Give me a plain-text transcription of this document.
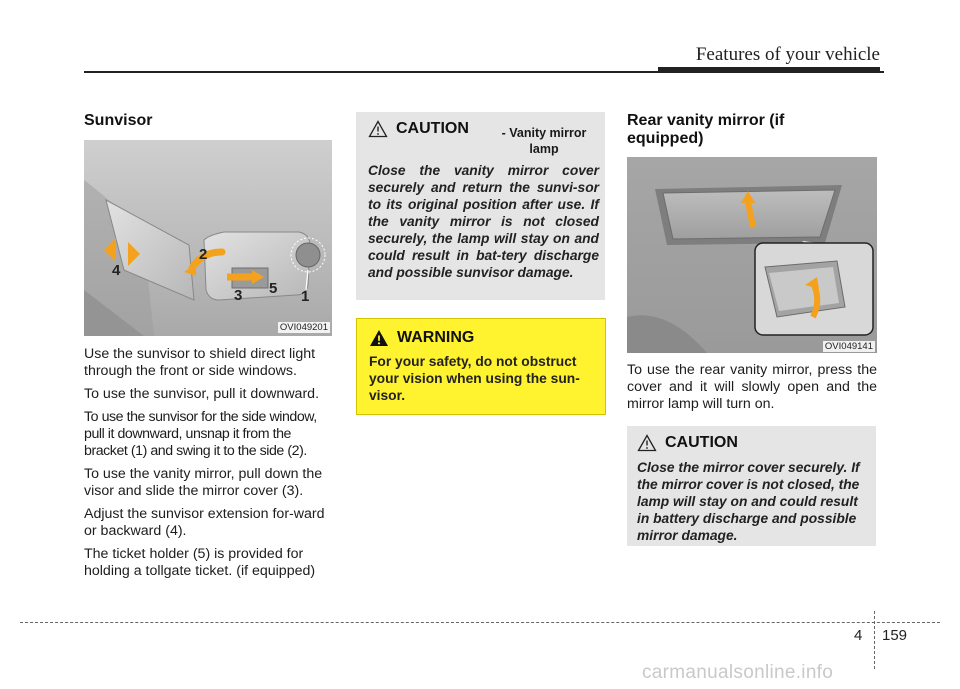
Features of your vehicle
Sunvisor
1
2
3
4
5
OVI049201

Use the sunvisor to shield direct light through the front or side windows.

To use the sunvisor, pull it downward.

To use the sunvisor for the side window, pull it downward, unsnap it from the bracket (1) and swing it to the side (2).

To use the vanity mirror, pull down the visor and slide the mirror cover (3).

Adjust the sunvisor extension for-ward or backward (4).

The ticket holder (5) is provided for holding a tollgate ticket. (if equipped)

CAUTION	- Vanity mirror lamp
Close the vanity mirror cover securely and return the sunvi-sor to its original position after use. If the vanity mirror is not closed securely, the lamp will stay on and could result in bat-tery discharge and possible sunvisor damage.
WARNING
For your safety, do not obstruct your vision when using the sun-visor.
Rear vanity mirror (if equipped)
OVI049141

To use the rear vanity mirror, press the cover and it will slowly open and the mirror lamp will turn on.

CAUTION
Close the mirror cover securely. If the mirror cover is not closed, the lamp will stay on and could result in battery discharge and possible mirror damage.
4 159
carmanualsonline.info
